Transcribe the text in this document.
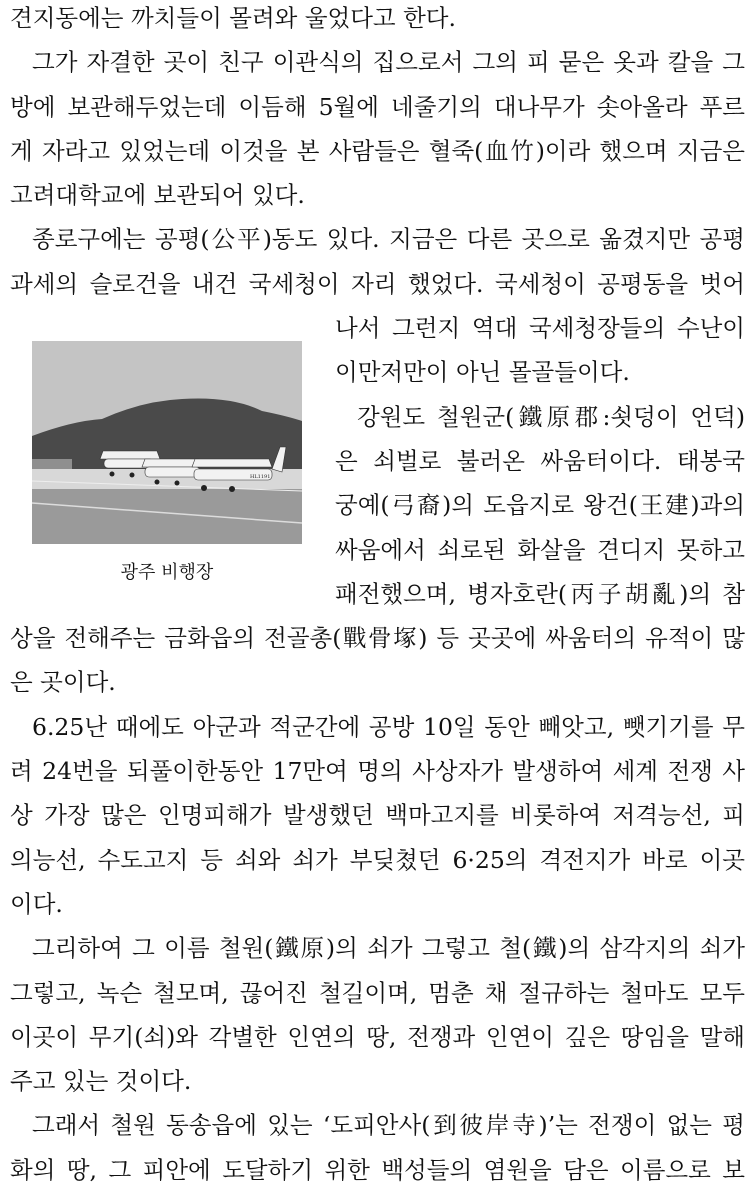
견지동에는 까치들이 몰려와 울었다고 한다.
그가 자결한 곳이 친구 이관식의 집으로서 그의 피 묻은 옷과 칼을 그
방에 보관해두었는데 이듬해 5월에 네줄기의 대나무가 솟아올라 푸르
게 자라고 있었는데 이것을 본 사람들은 혈죽(血竹)이라 했으며 지금은
고려대학교에 보관되어 있다.
종로구에는 공평(公平)동도 있다. 지금은 다른 곳으로 옮겼지만 공평
과세의 슬로건을 내건 국세청이 자리 했었다. 국세청이 공평동을 벗어
나서 그런지 역대 국세청장들의 수난이
이만저만이 아닌 몰골들이다.
강원도 철원군(鐵原郡:쇳덩이 언덕)
은 쇠벌로 불러온 싸움터이다. 태봉국
궁예(弓裔)의 도읍지로 왕건(王建)과의
싸움에서 쇠로된 화살을 견디지 못하고
패전했으며, 병자호란(丙子胡亂)의 참
상을 전해주는 금화읍의 전골총(戰骨塚) 등 곳곳에 싸움터의 유적이 많
은 곳이다.
6.25난 때에도 아군과 적군간에 공방 10일 동안 빼앗고, 뺏기기를 무
려 24번을 되풀이한동안 17만여 명의 사상자가 발생하여 세계 전쟁 사
상 가장 많은 인명피해가 발생했던 백마고지를 비롯하여 저격능선, 피
의능선, 수도고지 등 쇠와 쇠가 부딪쳤던 6·25의 격전지가 바로 이곳
이다.
그리하여 그 이름 철원(鐵原)의 쇠가 그렇고 철(鐵)의 삼각지의 쇠가
그렇고, 녹슨 철모며, 끊어진 철길이며, 멈춘 채 절규하는 철마도 모두
이곳이 무기(쇠)와 각별한 인연의 땅, 전쟁과 인연이 깊은 땅임을 말해
주고 있는 것이다.
그래서 철원 동송읍에 있는 ‘도피안사(到彼岸寺)’는 전쟁이 없는 평
화의 땅, 그 피안에 도달하기 위한 백성들의 염원을 담은 이름으로 보
HL1191
광주 비행장
